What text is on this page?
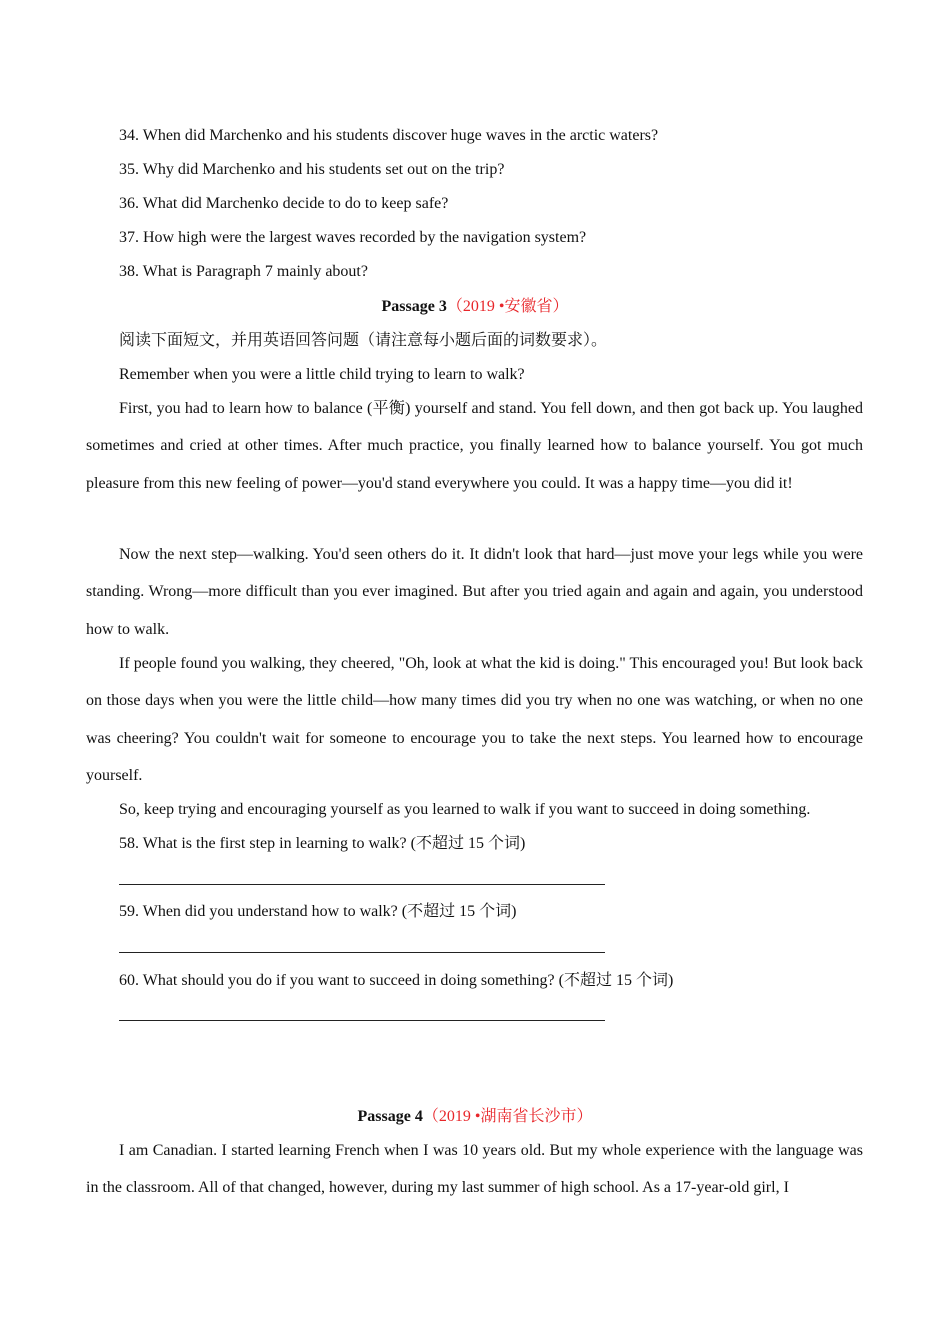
34. When did Marchenko and his students discover huge waves in the arctic waters?

35. Why did Marchenko and his students set out on the trip?

36. What did Marchenko decide to do to keep safe?

37. How high were the largest waves recorded by the navigation system?

38. What is Paragraph 7 mainly about?

Passage 3（2019 •安徽省）

阅读下面短文，并用英语回答问题（请注意每小题后面的词数要求）。

Remember when you were a little child trying to learn to walk?

First, you had to learn how to balance (平衡) yourself and stand. You fell down, and then got back up. You laughed sometimes and cried at other times. After much practice, you finally learned how to balance yourself. You got much pleasure from this new feeling of power—you'd stand everywhere you could. It was a happy time—you did it!

Now the next step—walking. You'd seen others do it. It didn't look that hard—just move your legs while you were standing. Wrong—more difficult than you ever imagined. But after you tried again and again and again, you understood how to walk.

If people found you walking, they cheered, "Oh, look at what the kid is doing." This encouraged you! But look back on those days when you were the little child—how many times did you try when no one was watching, or when no one was cheering? You couldn't wait for someone to encourage you to take the next steps. You learned how to encourage yourself.

So, keep trying and encouraging yourself as you learned to walk if you want to succeed in doing something.

58. What is the first step in learning to walk? (不超过 15 个词)

59. When did you understand how to walk? (不超过 15 个词)

60. What should you do if you want to succeed in doing something? (不超过 15 个词)

Passage 4（2019 •湖南省长沙市）

I am Canadian. I started learning French when I was 10 years old. But my whole experience with the language was in the classroom. All of that changed, however, during my last summer of high school. As a 17-year-old girl, I
